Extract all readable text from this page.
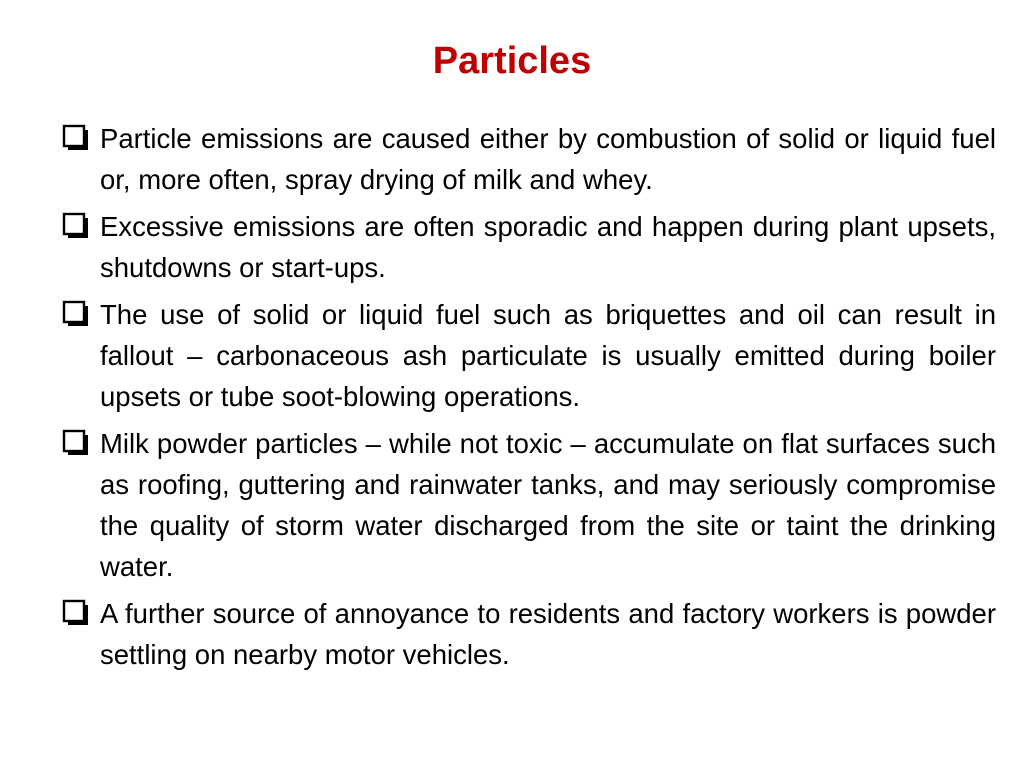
Particles
Particle emissions are caused either by combustion of solid or liquid fuel or, more often, spray drying of milk and whey.
Excessive emissions are often sporadic and happen during plant upsets, shutdowns or start-ups.
The use of solid or liquid fuel such as briquettes and oil can result in fallout – carbonaceous ash particulate is usually emitted during boiler upsets or tube soot-blowing operations.
Milk powder particles – while not toxic – accumulate on flat surfaces such as roofing, guttering and rainwater tanks, and may seriously compromise the quality of storm water discharged from the site or taint the drinking water.
A further source of annoyance to residents and factory workers is powder settling on nearby motor vehicles.
